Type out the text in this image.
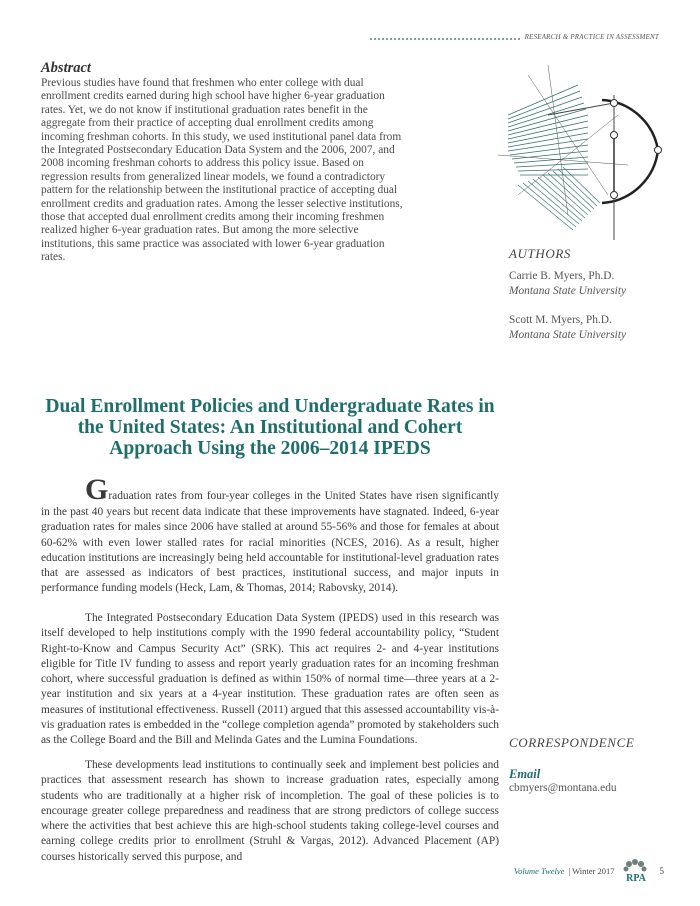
RESEARCH & PRACTICE IN ASSESSMENT
Abstract
Previous studies have found that freshmen who enter college with dual enrollment credits earned during high school have higher 6-year graduation rates. Yet, we do not know if institutional graduation rates benefit in the aggregate from their practice of accepting dual enrollment credits among incoming freshman cohorts. In this study, we used institutional panel data from the Integrated Postsecondary Education Data System and the 2006, 2007, and 2008 incoming freshman cohorts to address this policy issue. Based on regression results from generalized linear models, we found a contradictory pattern for the relationship between the institutional practice of accepting dual enrollment credits and graduation rates. Among the lesser selective institutions, those that accepted dual enrollment credits among their incoming freshmen realized higher 6-year graduation rates. But among the more selective institutions, this same practice was associated with lower 6-year graduation rates.	AUTHORS
Carrie B. Myers, Ph.D.
Montana State University
Scott M. Myers, Ph.D.
Montana State University
Dual Enrollment Policies and Undergraduate Rates in the United States: An Institutional and Cohert Approach Using the 2006–2014 IPEDS

Graduation rates from four-year colleges in the United States have risen significantly in the past 40 years but recent data indicate that these improvements have stagnated. Indeed, 6-year graduation rates for males since 2006 have stalled at around 55-56% and those for females at about 60-62% with even lower stalled rates for racial minorities (NCES, 2016). As a result, higher education institutions are increasingly being held accountable for institutional-level graduation rates that are assessed as indicators of best practices, institutional success, and major inputs in performance funding models (Heck, Lam, & Thomas, 2014; Rabovsky, 2014).

The Integrated Postsecondary Education Data System (IPEDS) used in this research was itself developed to help institutions comply with the 1990 federal accountability policy, “Student Right-to-Know and Campus Security Act” (SRK). This act requires 2- and 4-year institutions eligible for Title IV funding to assess and report yearly graduation rates for an incoming freshman cohort, where successful graduation is defined as within 150% of normal time—three years at a 2-year institution and six years at a 4-year institution. These graduation rates are often seen as measures of institutional effectiveness. Russell (2011) argued that this assessed accountability vis-à-vis graduation rates is embedded in the “college completion agenda” promoted by stakeholders such as the College Board and the Bill and Melinda Gates and the Lumina Foundations.

These developments lead institutions to continually seek and implement best policies and practices that assessment research has shown to increase graduation rates, especially among students who are traditionally at a higher risk of incompletion. The goal of these policies is to encourage greater college preparedness and readiness that are strong predictors of college success where the activities that best achieve this are high-school students taking college-level courses and earning college credits prior to enrollment (Struhl & Vargas, 2012). Advanced Placement (AP) courses historically served this purpose, and

CORRESPONDENCE
Email
cbmyers@montana.edu
Volume Twelve | Winter 2017
RPA
5
